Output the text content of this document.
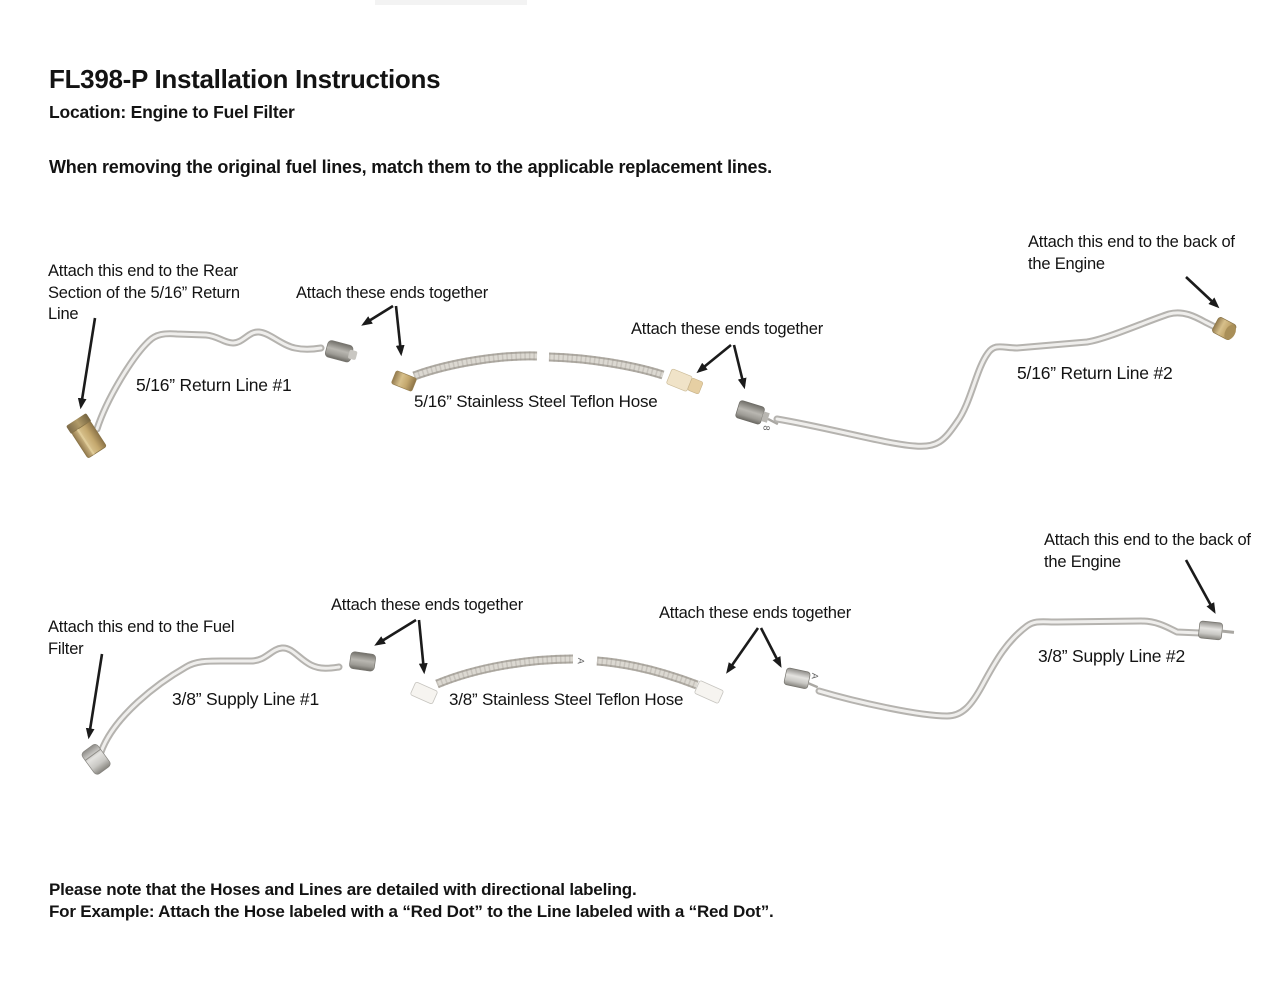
FL398-P Installation Instructions
Location: Engine to Fuel Filter
When removing the original fuel lines, match them to the applicable replacement lines.
Attach this end to the Rear
Section of the 5/16” Return
Line
Attach these ends together
5/16” Return Line #1
5/16” Stainless Steel Teflon Hose
Attach these ends together
Attach this end to the back of
the Engine
5/16” Return Line #2
8
Attach this end to the Fuel
Filter
Attach these ends together
3/8” Supply Line #1	3/8” Stainless Steel Teflon Hose
Attach these ends together
Attach this end to the back of
the Engine
3/8” Supply Line #2
A
A
Please note that the Hoses and Lines are detailed with directional labeling.
For Example: Attach the Hose labeled with a “Red Dot” to the Line labeled with a “Red Dot”.
